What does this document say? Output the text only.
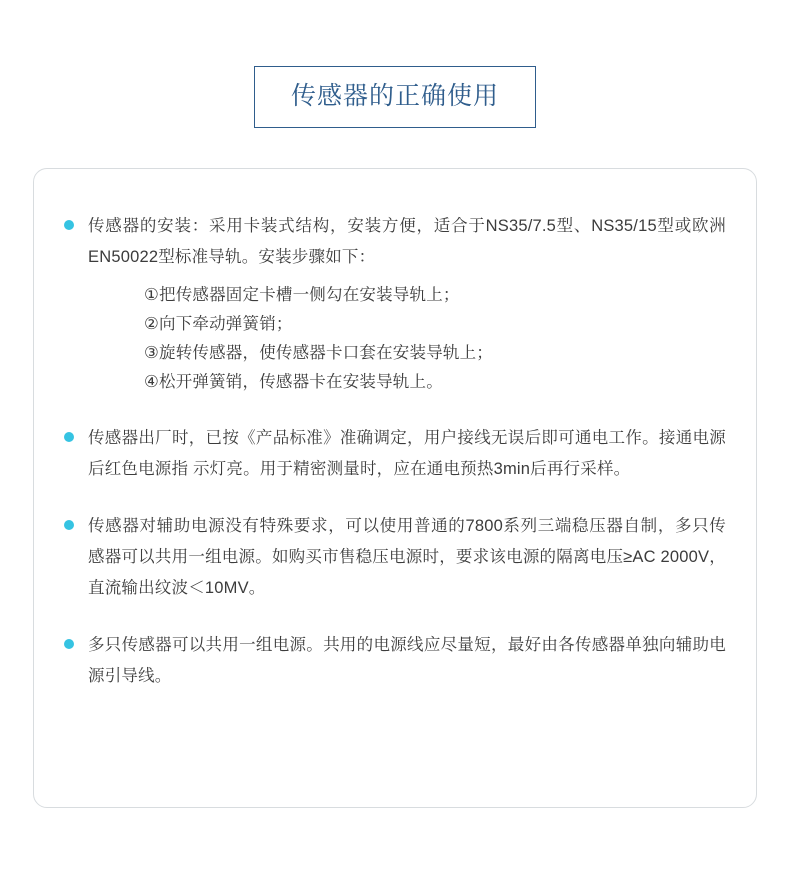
传感器的正确使用
传感器的安装：采用卡装式结构，安装方便，适合于NS35/7.5型、NS35/15型或欧洲EN50022型标准导轨。安装步骤如下：
①把传感器固定卡槽一侧勾在安装导轨上；
②向下牵动弹簧销；
③旋转传感器，使传感器卡口套在安装导轨上；
④松开弹簧销，传感器卡在安装导轨上。
传感器出厂时，已按《产品标准》准确调定，用户接线无误后即可通电工作。接通电源后红色电源指 示灯亮。用于精密测量时，应在通电预热3min后再行采样。
传感器对辅助电源没有特殊要求，可以使用普通的7800系列三端稳压器自制，多只传感器可以共用一组电源。如购买市售稳压电源时，要求该电源的隔离电压≥AC 2000V，直流输出纹波＜10MV。
多只传感器可以共用一组电源。共用的电源线应尽量短，最好由各传感器单独向辅助电源引导线。
